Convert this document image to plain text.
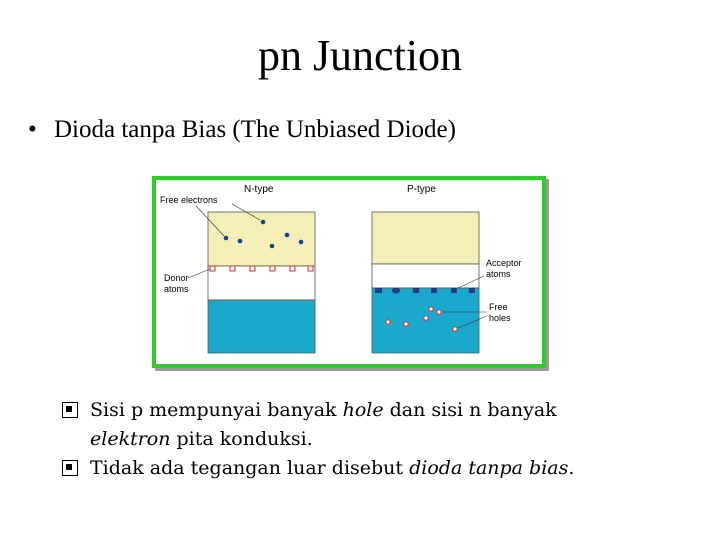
pn Junction
• Dioda tanpa Bias (The Unbiased Diode)
N-type	P-type
Free electrons
Donor
atoms
Acceptor
atoms
Free
holes
Sisi p mempunyai banyak hole dan sisi n banyak
elektron pita konduksi.
Tidak ada tegangan luar disebut dioda tanpa bias.
